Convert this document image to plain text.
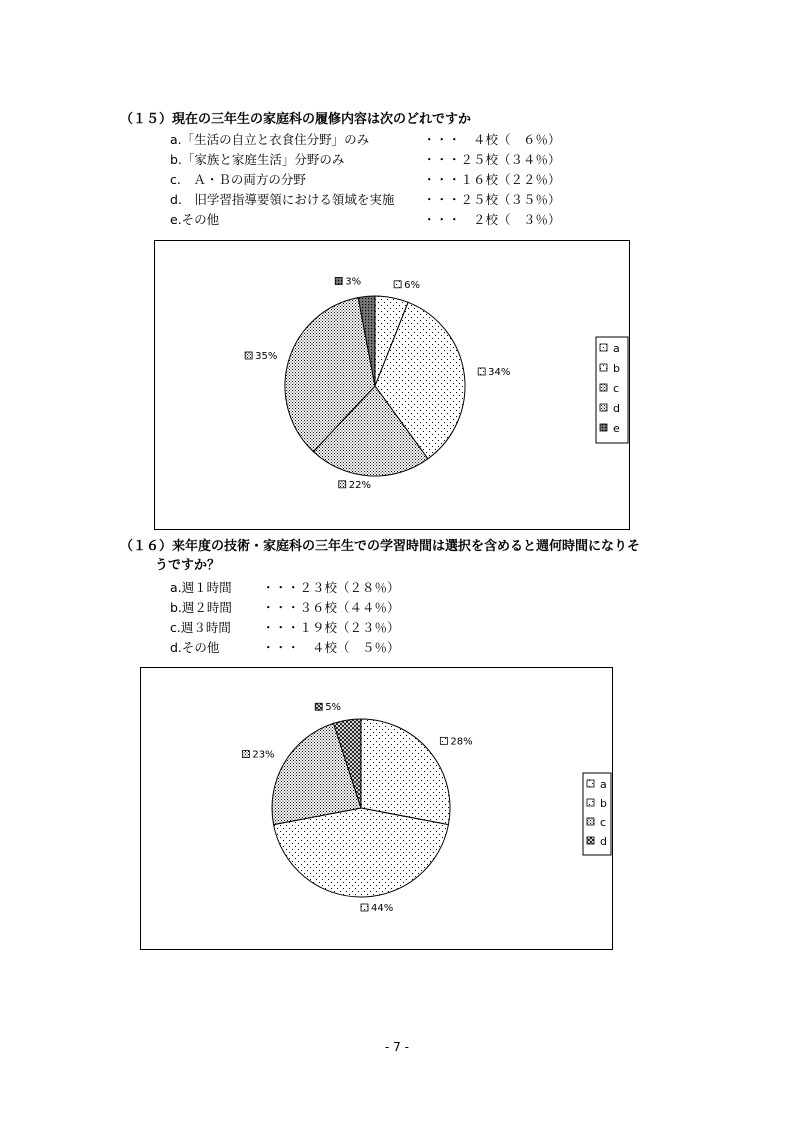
（１５）現在の三年生の家庭科の履修内容は次のどれですか
a.「生活の自立と衣食住分野」のみ	・・・　４校（　６％）
b.「家族と家庭生活」分野のみ	・・・２５校（３４％）
c.　Ａ・Ｂの両方の分野	・・・１６校（２２％）
d.　旧学習指導要領における領域を実施 ・・・２５校（３５％）
e.その他	・・・　２校（　３％）
6%
34%
22%
35%
3%
a
b
c
d
e
（１６）来年度の技術・家庭科の三年生での学習時間は選択を含めると週何時間になりそ
うですか？
a.週１時間 ・・・２３校（２８％）
b.週２時間 ・・・３６校（４４％）
c.週３時間 ・・・１９校（２３％）
d.その他	・・・　４校（　５％）
28%
44%
23%
5%
a
b
c
d
- 7 -
